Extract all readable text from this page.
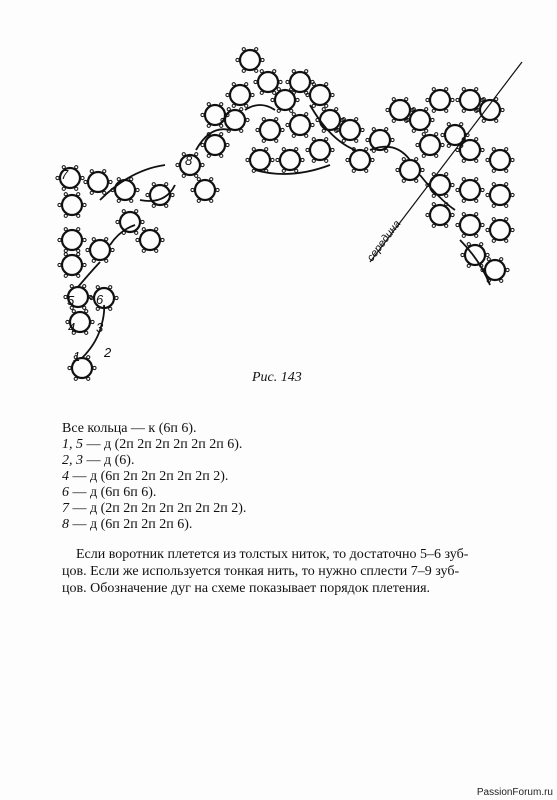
середина
1 2
3
4
5 6
7
8
Рис. 143
Все кольца — к (6п 6).
1, 5 — д (2п 2п 2п 2п 2п 2п 6).
2, 3 — д (6).
4 — д (6п 2п 2п 2п 2п 2п 2).
6 — д (6п 6п 6).
7 — д (2п 2п 2п 2п 2п 2п 2п 2).
8 — д (6п 2п 2п 2п 6).
Если воротник плетется из толстых ниток, то достаточно 5–6 зуб-
цов. Если же используется тонкая нить, то нужно сплести 7–9 зуб-
цов. Обозначение дуг на схеме показывает порядок плетения.
PassionForum.ru
